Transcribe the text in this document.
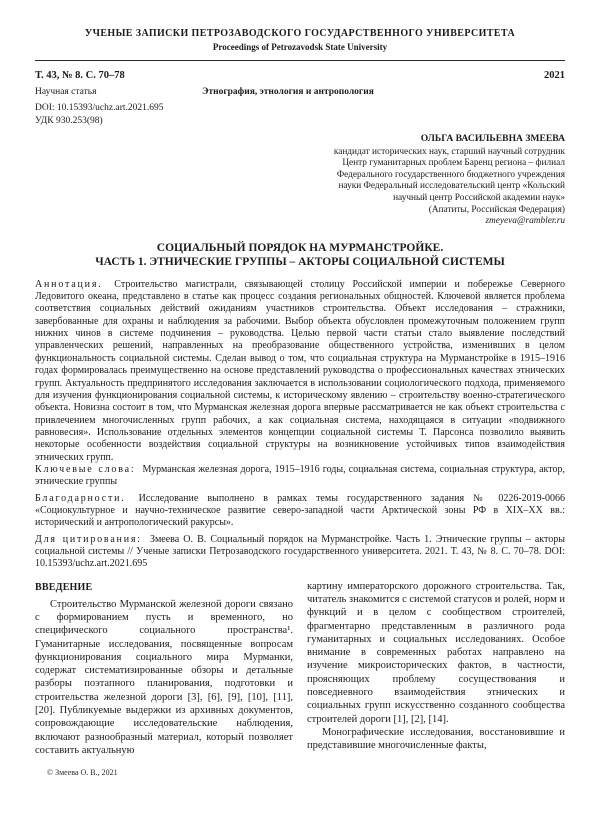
УЧЕНЫЕ ЗАПИСКИ ПЕТРОЗАВОДСКОГО ГОСУДАРСТВЕННОГО УНИВЕРСИТЕТА
Proceedings of Petrozavodsk State University
Т. 43, № 8. С. 70–78	2021
Научная статья	Этнография, этнология и антропология
DOI: 10.15393/uchz.art.2021.695
УДК 930.253(98)
ОЛЬГА ВАСИЛЬЕВНА ЗМЕЕВА
кандидат исторических наук, старший научный сотрудник
Центр гуманитарных проблем Баренц региона – филиал
Федерального государственного бюджетного учреждения
науки Федеральный исследовательский центр «Кольский
научный центр Российской академии наук»
(Апатиты, Российская Федерация)
zmeyeva@rambler.ru
СОЦИАЛЬНЫЙ ПОРЯДОК НА МУРМАНСТРОЙКЕ.
ЧАСТЬ 1. ЭТНИЧЕСКИЕ ГРУППЫ – АКТОРЫ СОЦИАЛЬНОЙ СИСТЕМЫ

Аннотация. Строительство магистрали, связывающей столицу Российской империи и побережье Северного Ледовитого океана, представлено в статье как процесс создания региональных общностей. Ключевой является проблема соответствия социальных действий ожиданиям участников строительства. Объект исследования – стражники, завербованные для охраны и наблюдения за рабочими. Выбор объекта обусловлен промежуточным положением групп нижних чинов в системе подчинения – руководства. Целью первой части статьи стало выявление последствий управленческих решений, направленных на преобразование общественного устройства, изменивших в целом функциональность социальной системы. Сделан вывод о том, что социальная структура на Мурманстройке в 1915–1916 годах формировалась преимущественно на основе представлений руководства о профессиональных качествах этнических групп. Актуальность предпринятого исследования заключается в использовании социологического подхода, применяемого для изучения функционирования социальной системы, к историческому явлению – строительству военно-стратегического объекта. Новизна состоит в том, что Мурманская железная дорога впервые рассматривается не как объект строительства с привлечением многочисленных групп рабочих, а как социальная система, находящаяся в ситуации «подвижного равновесия». Использование отдельных элементов концепции социальной системы Т. Парсонса позволило выявить некоторые особенности воздействия социальной структуры на возникновение устойчивых типов взаимодействия этнических групп.

Ключевые слова: Мурманская железная дорога, 1915–1916 годы, социальная система, социальная структура, актор, этнические группы

Благодарности. Исследование выполнено в рамках темы государственного задания № 0226-2019-0066 «Социокультурное и научно-техническое развитие северо-западной части Арктической зоны РФ в XIX–XX вв.: исторический и антропологический ракурсы».

Для цитирования: Змеева О. В. Социальный порядок на Мурманстройке. Часть 1. Этнические группы – акторы социальной системы // Ученые записки Петрозаводского государственного университета. 2021. Т. 43, № 8. С. 70–78. DOI: 10.15393/uchz.art.2021.695

ВВЕДЕНИЕ

Строительство Мурманской железной дороги связано с формированием пусть и временного, но специфического социального пространства¹. Гуманитарные исследования, посвященные вопросам функционирования социального мира Мурманки, содержат систематизированные обзоры и детальные разборы поэтапного планирования, подготовки и строительства железной дороги [3], [6], [9], [10], [11], [20]. Публикуемые выдержки из архивных документов, сопровождающие исследовательские наблюдения, включают разнообразный материал, который позволяет составить актуальную

картину императорского дорожного строительства. Так, читатель знакомится с системой статусов и ролей, норм и функций и в целом с сообществом строителей, фрагментарно представленным в различного рода гуманитарных и социальных исследованиях. Особое внимание в современных работах направлено на изучение микроисторических фактов, в частности, проясняющих проблему сосуществования и повседневного взаимодействия этнических и социальных групп искусственно созданного сообщества строителей дороги [1], [2], [14].

Монографические исследования, восстановившие и представившие многочисленные факты,

© Змеева О. В., 2021
